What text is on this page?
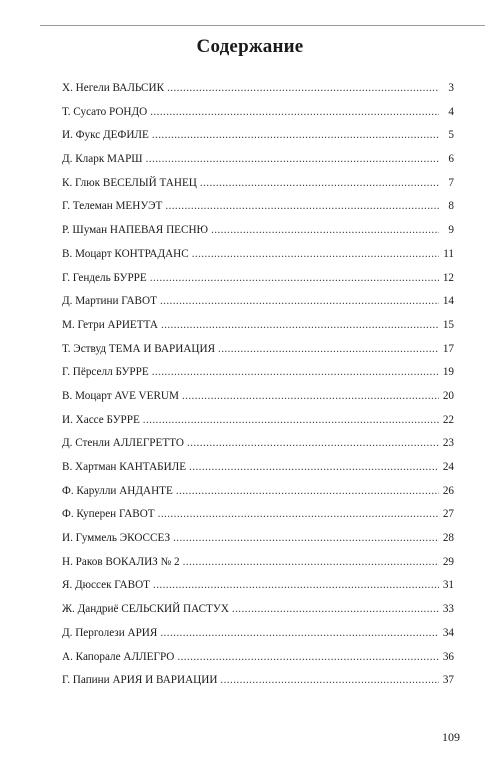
Содержание
Х. Негели ВАЛЬСИК . . .	3
Т. Сусато РОНДО . . .	4
И. Фукс ДЕФИЛЕ . . .	5
Д. Кларк МАРШ . . .	6
К. Глюк ВЕСЕЛЫЙ ТАНЕЦ . . .	7
Г. Телеман МЕНУЭТ . . .	8
Р. Шуман НАПЕВАЯ ПЕСНЮ . . .	9
В. Моцарт КОНТРАДАНС . . .	11
Г. Гендель БУРРЕ . . .	12
Д. Мартини ГАВОТ . . .	14
М. Гетри АРИЕТТА . . .	15
Т. Эствуд ТЕМА И ВАРИАЦИЯ . . .	17
Г. Пёрселл БУРРЕ . . .	19
В. Моцарт AVE VERUM . . .	20
И. Хассе БУРРЕ . . .	22
Д. Стенли АЛЛЕГРЕТТО . . .	23
В. Хартман КАНТАБИЛЕ . . .	24
Ф. Карулли АНДАНТЕ . . .	26
Ф. Куперен ГАВОТ . . .	27
И. Гуммель ЭКОССЕЗ . . .	28
Н. Раков ВОКАЛИЗ № 2 . . .	29
Я. Дюссек ГАВОТ . . .	31
Ж. Дандриё СЕЛЬСКИЙ ПАСТУХ . . .	33
Д. Перголези АРИЯ . . .	34
А. Капорале АЛЛЕГРО . . .	36
Г. Папини АРИЯ И ВАРИАЦИИ . . .	37
109
